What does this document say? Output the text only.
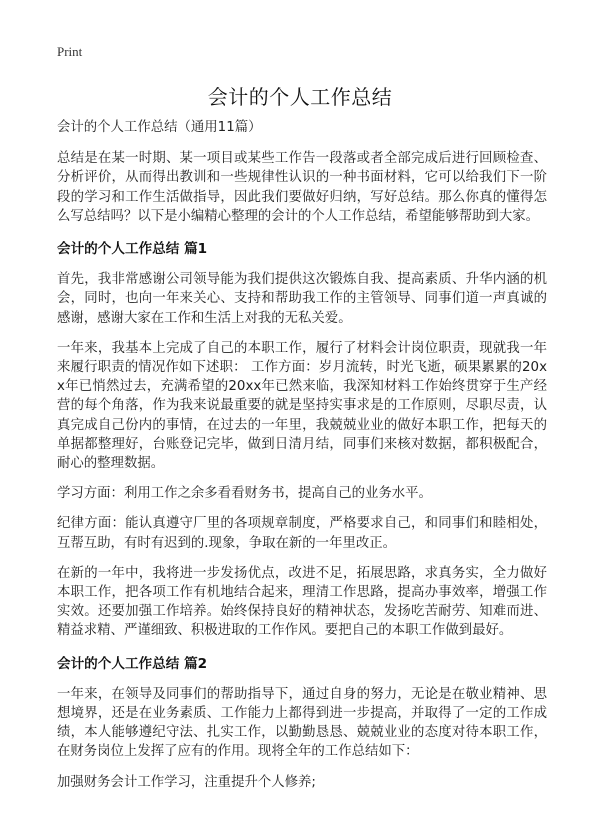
Print
会计的个人工作总结

会计的个人工作总结（通用11篇）

总结是在某一时期、某一项目或某些工作告一段落或者全部完成后进行回顾检查、分析评价，从而得出教训和一些规律性认识的一种书面材料，它可以给我们下一阶段的学习和工作生活做指导，因此我们要做好归纳，写好总结。那么你真的懂得怎么写总结吗？以下是小编精心整理的会计的个人工作总结，希望能够帮助到大家。

会计的个人工作总结 篇1

首先，我非常感谢公司领导能为我们提供这次锻炼自我、提高素质、升华内涵的机会，同时，也向一年来关心、支持和帮助我工作的主管领导、同事们道一声真诚的感谢，感谢大家在工作和生活上对我的无私关爱。

一年来，我基本上完成了自己的本职工作，履行了材料会计岗位职责，现就我一年来履行职责的情况作如下述职： 工作方面：岁月流转，时光飞逝，硕果累累的20xx年已悄然过去，充满希望的20xx年已然来临，我深知材料工作始终贯穿于生产经营的每个角落，作为我来说最重要的就是坚持实事求是的工作原则，尽职尽责，认真完成自己份内的事情，在过去的一年里，我兢兢业业的做好本职工作，把每天的单据都整理好，台账登记完毕，做到日清月结，同事们来核对数据，都积极配合，耐心的整理数据。

学习方面：利用工作之余多看看财务书，提高自己的业务水平。

纪律方面：能认真遵守厂里的各项规章制度，严格要求自己，和同事们和睦相处，互帮互助，有时有迟到的.现象，争取在新的一年里改正。

在新的一年中，我将进一步发扬优点，改进不足，拓展思路，求真务实，全力做好本职工作，把各项工作有机地结合起来，理清工作思路，提高办事效率，增强工作实效。还要加强工作培养。始终保持良好的精神状态，发扬吃苦耐劳、知难而进、精益求精、严谨细致、积极进取的工作作风。要把自己的本职工作做到最好。

会计的个人工作总结 篇2

一年来，在领导及同事们的帮助指导下，通过自身的努力，无论是在敬业精神、思想境界，还是在业务素质、工作能力上都得到进一步提高，并取得了一定的工作成绩，本人能够遵纪守法、扎实工作，以勤勤恳恳、兢兢业业的态度对待本职工作，在财务岗位上发挥了应有的作用。现将全年的工作总结如下：

加强财务会计工作学习，注重提升个人修养;
